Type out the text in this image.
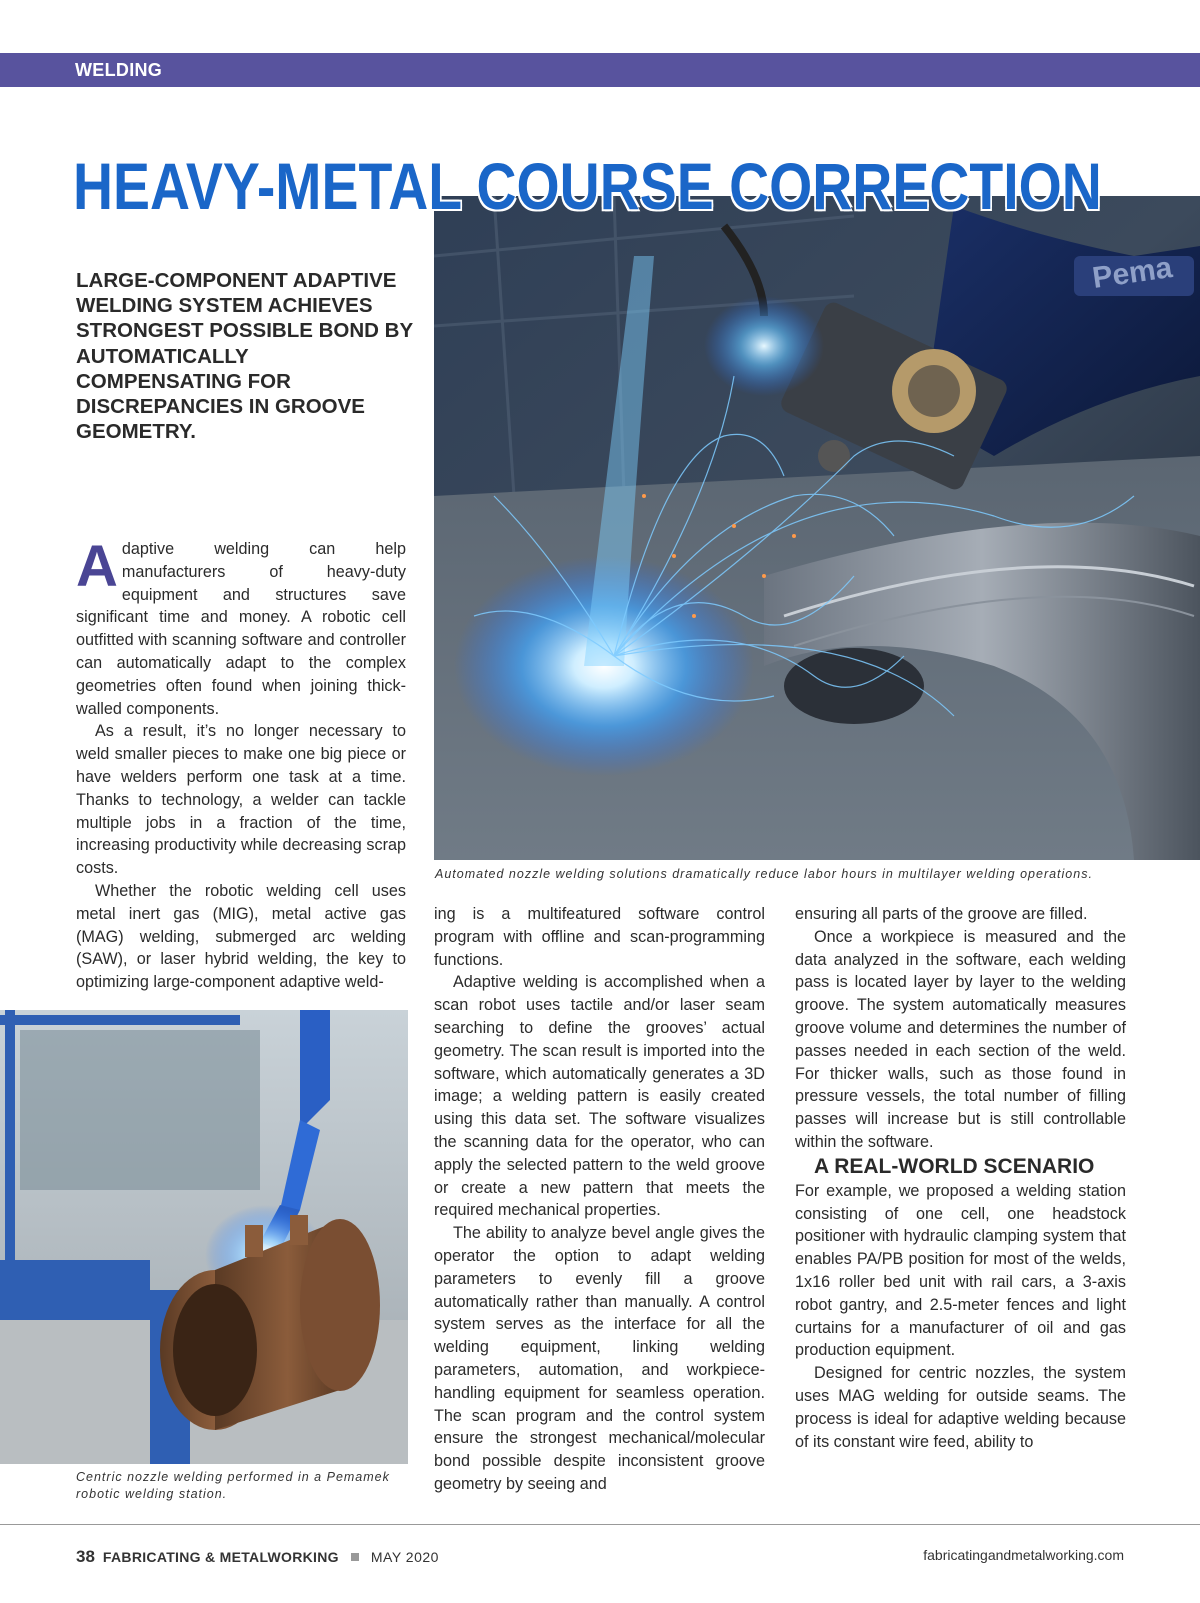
WELDING
Pema
HEAVY-METAL COURSE CORRECTION

LARGE-COMPONENT ADAPTIVE WELDING SYSTEM ACHIEVES STRONGEST POSSIBLE BOND BY AUTOMATICALLY COMPENSATING FOR DISCREPANCIES IN GROOVE GEOMETRY.

Automated nozzle welding solutions dramatically reduce labor hours in multilayer welding operations.

Adaptive welding can help manufacturers of heavy-duty equipment and structures save significant time and money. A robotic cell outfitted with scanning software and controller can automatically adapt to the complex geometries often found when joining thick-walled components.

As a result, it’s no longer necessary to weld smaller pieces to make one big piece or have welders perform one task at a time. Thanks to technology, a welder can tackle multiple jobs in a fraction of the time, increasing productivity while decreasing scrap costs.

Whether the robotic welding cell uses metal inert gas (MIG), metal active gas (MAG) welding, submerged arc welding (SAW), or laser hybrid welding, the key to optimizing large-component adaptive weld-

Centric nozzle welding performed in a Pemamek robotic welding station.

ing is a multifeatured software control program with offline and scan-programming functions.

Adaptive welding is accomplished when a scan robot uses tactile and/or laser seam searching to define the grooves’ actual geometry. The scan result is imported into the software, which automatically generates a 3D image; a welding pattern is easily created using this data set. The software visualizes the scanning data for the operator, who can apply the selected pattern to the weld groove or create a new pattern that meets the required mechanical properties.

The ability to analyze bevel angle gives the operator the option to adapt welding parameters to evenly fill a groove automatically rather than manually. A control system serves as the interface for all the welding equipment, linking welding parameters, automation, and workpiece-handling equipment for seamless operation. The scan program and the control system ensure the strongest mechanical/molecular bond possible despite inconsistent groove geometry by seeing and

ensuring all parts of the groove are filled.

Once a workpiece is measured and the data analyzed in the software, each welding pass is located layer by layer to the welding groove. The system automatically measures groove volume and determines the number of passes needed in each section of the weld. For thicker walls, such as those found in pressure vessels, the total number of filling passes will increase but is still controllable within the software.

A REAL-WORLD SCENARIO

For example, we proposed a welding station consisting of one cell, one headstock positioner with hydraulic clamping system that enables PA/PB position for most of the welds, 1x16 roller bed unit with rail cars, a 3-axis robot gantry, and 2.5-meter fences and light curtains for a manufacturer of oil and gas production equipment.

Designed for centric nozzles, the system uses MAG welding for outside seams. The process is ideal for adaptive welding because of its constant wire feed, ability to

38 FABRICATING & METALWORKING MAY 2020	fabricatingandmetalworking.com
